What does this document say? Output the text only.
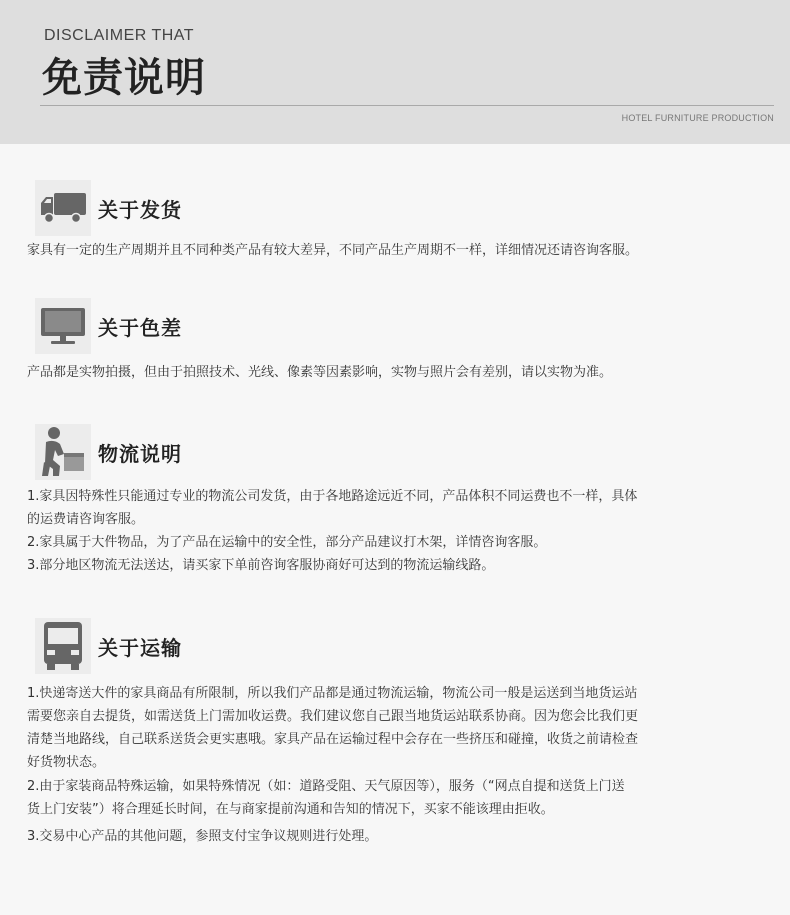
DISCLAIMER THAT
免责说明
HOTEL FURNITURE PRODUCTION
关于发货
家具有一定的生产周期并且不同种类产品有较大差异，不同产品生产周期不一样，详细情况还请咨询客服。
关于色差
产品都是实物拍摄，但由于拍照技术、光线、像素等因素影响，实物与照片会有差别，请以实物为准。
物流说明
1.家具因特殊性只能通过专业的物流公司发货，由于各地路途远近不同，产品体积不同运费也不一样，具体
的运费请咨询客服。
2.家具属于大件物品，为了产品在运输中的安全性，部分产品建议打木架，详情咨询客服。
3.部分地区物流无法送达，请买家下单前咨询客服协商好可达到的物流运输线路。
关于运输
1.快递寄送大件的家具商品有所限制，所以我们产品都是通过物流运输，物流公司一般是运送到当地货运站
需要您亲自去提货，如需送货上门需加收运费。我们建议您自己跟当地货运站联系协商。因为您会比我们更
清楚当地路线，自己联系送货会更实惠哦。家具产品在运输过程中会存在一些挤压和碰撞，收货之前请检查
好货物状态。
2.由于家装商品特殊运输，如果特殊情况（如：道路受阻、天气原因等），服务（“网点自提和送货上门送
货上门安装”）将合理延长时间，在与商家提前沟通和告知的情况下，买家不能该理由拒收。
3.交易中心产品的其他问题，参照支付宝争议规则进行处理。
